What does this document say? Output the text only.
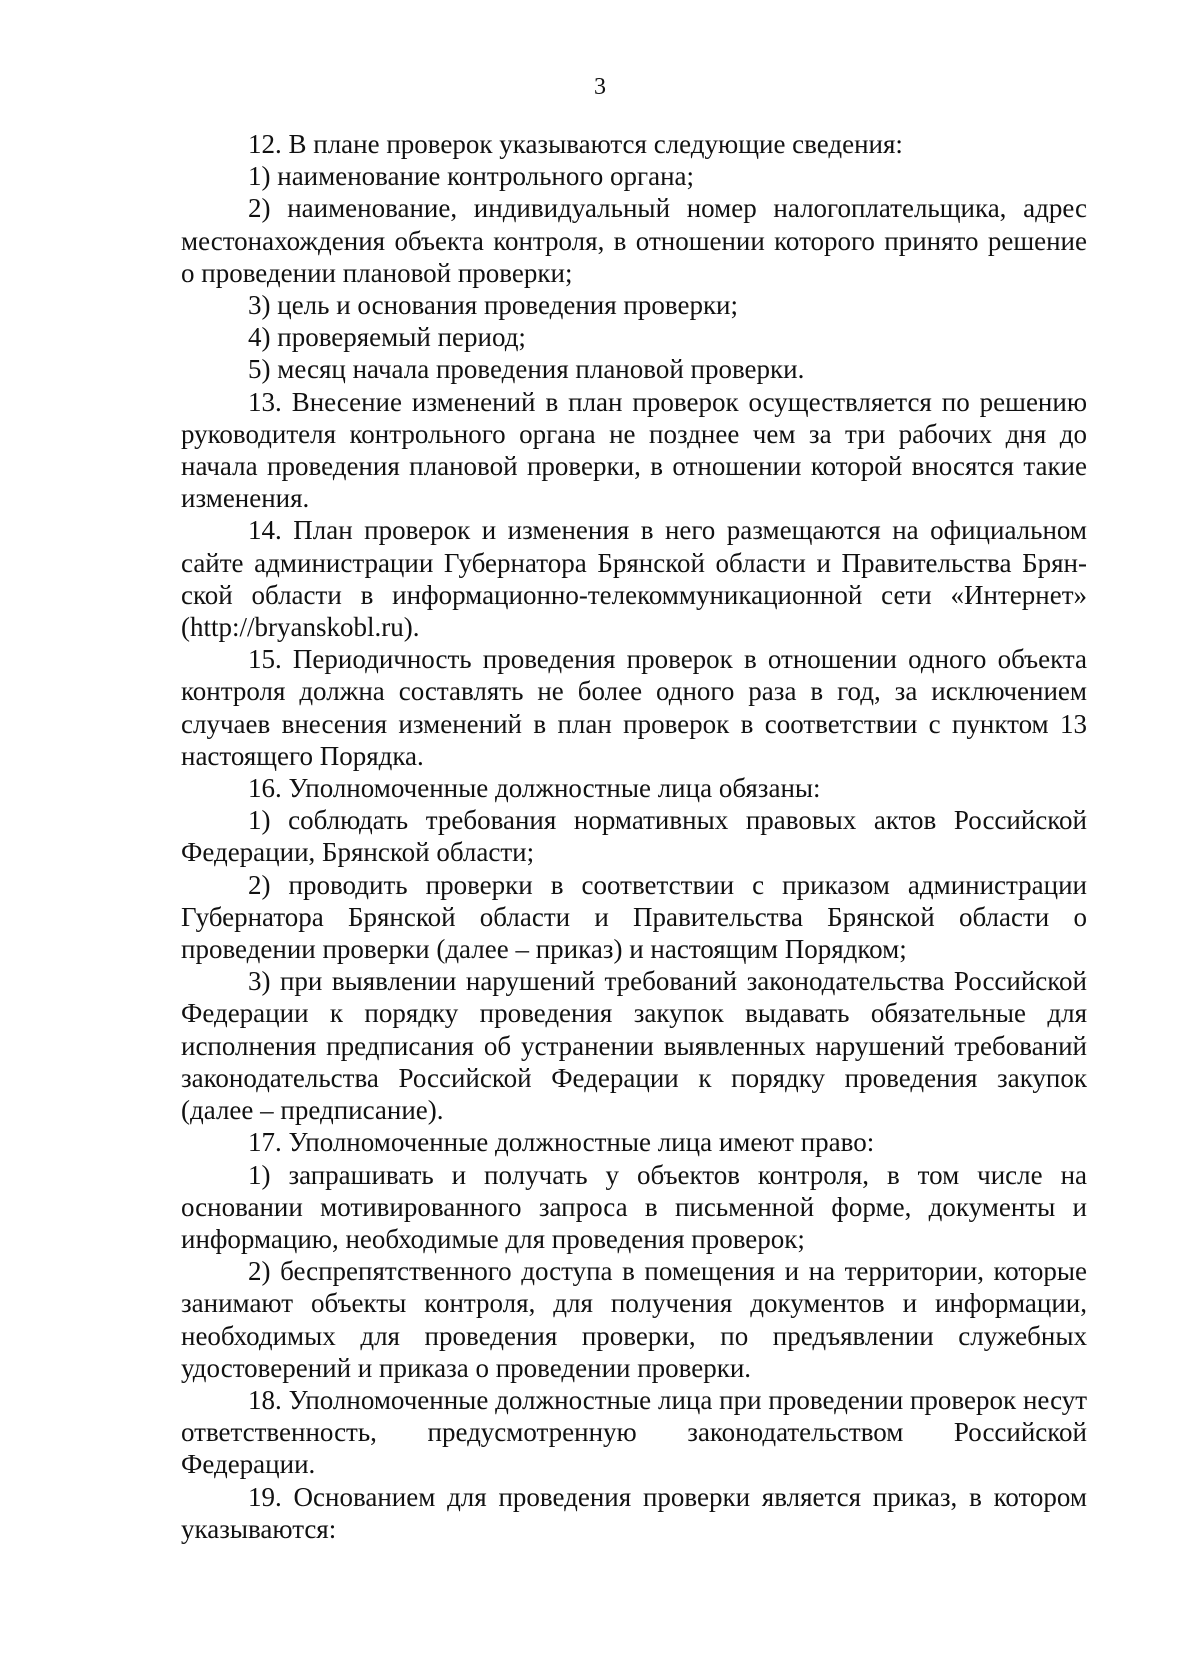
3

12. В плане проверок указываются следующие сведения:

1) наименование контрольного органа;

2) наименование, индивидуальный номер налогоплательщика, адрес местонахождения объекта контроля, в отношении которого принято решение о проведении плановой проверки;

3) цель и основания проведения проверки;

4) проверяемый период;

5) месяц начала проведения плановой проверки.

13. Внесение изменений в план проверок осуществляется по решению руководителя контрольного органа не позднее чем за три рабочих дня до начала проведения плановой проверки, в отношении которой вносятся такие изменения.

14. План проверок и изменения в него размещаются на официальном сайте администрации Губернатора Брянской области и Правительства Брянской области в информационно-телекоммуникационной сети «Интернет» (http://bryanskobl.ru).

15. Периодичность проведения проверок в отношении одного объекта контроля должна составлять не более одного раза в год, за исключением случаев внесения изменений в план проверок в соответствии с пунктом 13 настоящего Порядка.

16. Уполномоченные должностные лица обязаны:

1) соблюдать требования нормативных правовых актов Российской Федерации, Брянской области;

2) проводить проверки в соответствии с приказом администрации Губернатора Брянской области и Правительства Брянской области о проведении проверки (далее – приказ) и настоящим Порядком;

3) при выявлении нарушений требований законодательства Российской Федерации к порядку проведения закупок выдавать обязательные для исполнения предписания об устранении выявленных нарушений требований законодательства Российской Федерации к порядку проведения закупок (далее – предписание).

17. Уполномоченные должностные лица имеют право:

1) запрашивать и получать у объектов контроля, в том числе на основании мотивированного запроса в письменной форме, документы и информацию, необходимые для проведения проверок;

2) беспрепятственного доступа в помещения и на территории, которые занимают объекты контроля, для получения документов и информации, необходимых для проведения проверки, по предъявлении служебных удостоверений и приказа о проведении проверки.

18. Уполномоченные должностные лица при проведении проверок несут ответственность, предусмотренную законодательством Российской Федерации.

19. Основанием для проведения проверки является приказ, в котором указываются:
